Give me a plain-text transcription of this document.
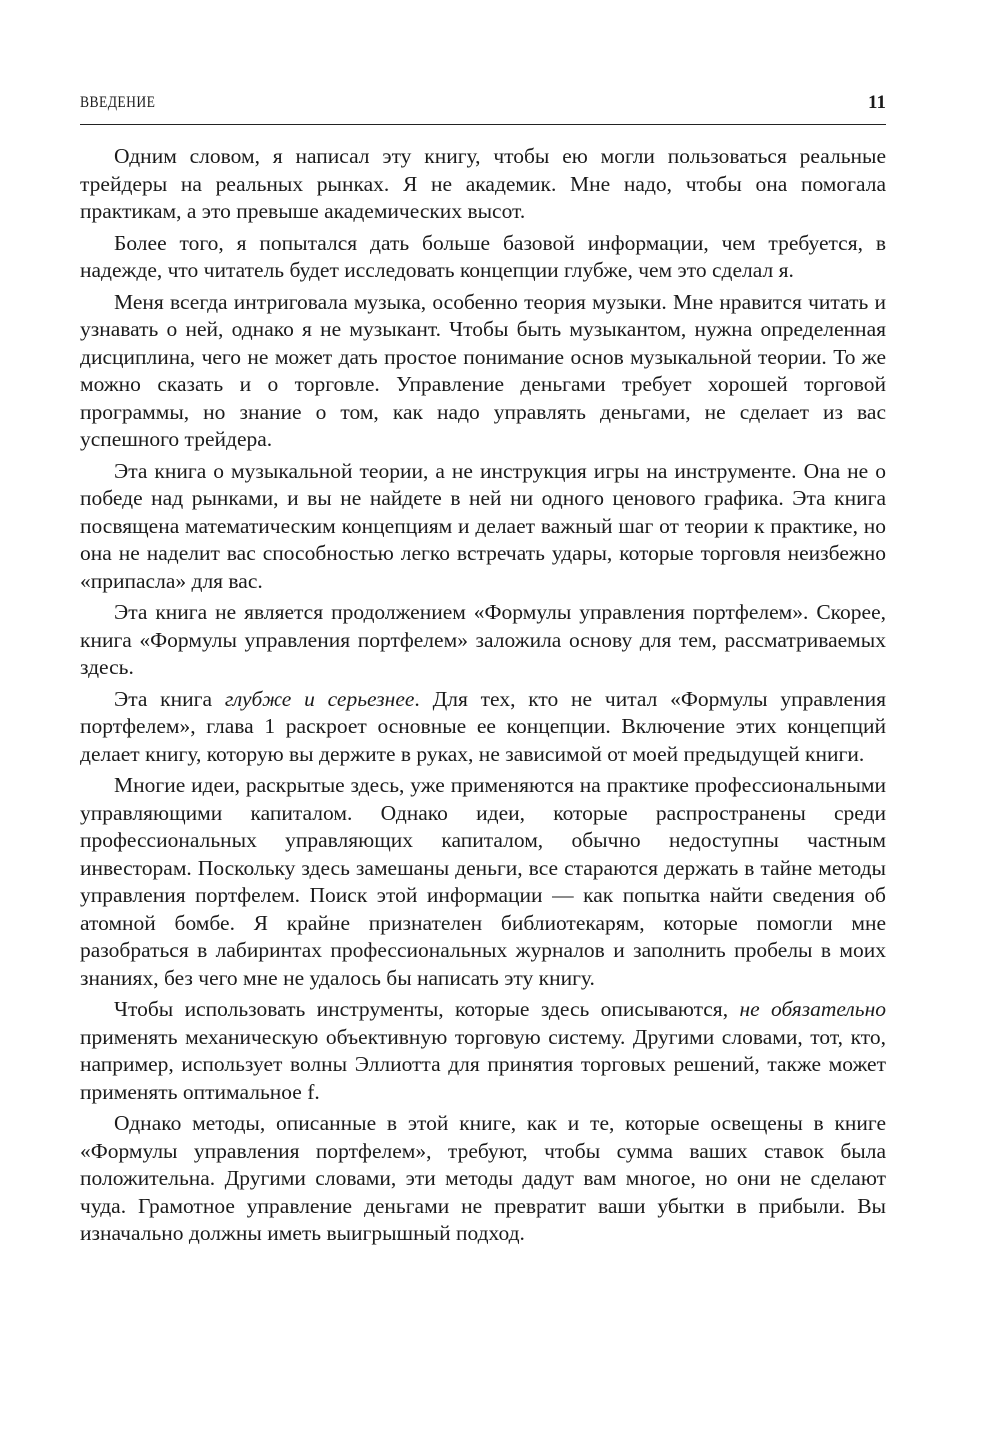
ВВЕДЕНИЕ	11

Одним словом, я написал эту книгу, чтобы ею могли пользоваться реальные трейдеры на реальных рынках. Я не академик. Мне надо, чтобы она помогала практикам, а это превыше академических высот.

Более того, я попытался дать больше базовой информации, чем требуется, в надежде, что читатель будет исследовать концепции глубже, чем это сделал я.

Меня всегда интриговала музыка, особенно теория музыки. Мне нравится читать и узнавать о ней, однако я не музыкант. Чтобы быть музыкантом, нужна определенная дисциплина, чего не может дать простое понимание основ музыкальной теории. То же можно сказать и о торговле. Управление деньгами требует хорошей торговой программы, но знание о том, как надо управлять деньгами, не сделает из вас успешного трейдера.

Эта книга о музыкальной теории, а не инструкция игры на инструменте. Она не о победе над рынками, и вы не найдете в ней ни одного ценового графика. Эта книга посвящена математическим концепциям и делает важный шаг от теории к практике, но она не наделит вас способностью легко встречать удары, которые торговля неизбежно «припасла» для вас.

Эта книга не является продолжением «Формулы управления портфелем». Скорее, книга «Формулы управления портфелем» заложила основу для тем, рассматриваемых здесь.

Эта книга глубже и серьезнее. Для тех, кто не читал «Формулы управления портфелем», глава 1 раскроет основные ее концепции. Включение этих концепций делает книгу, которую вы держите в руках, не зависимой от моей предыдущей книги.

Многие идеи, раскрытые здесь, уже применяются на практике профессиональными управляющими капиталом. Однако идеи, которые распространены среди профессиональных управляющих капиталом, обычно недоступны частным инвесторам. Поскольку здесь замешаны деньги, все стараются держать в тайне методы управления портфелем. Поиск этой информации — как попытка найти сведения об атомной бомбе. Я крайне признателен библиотекарям, которые помогли мне разобраться в лабиринтах профессиональных журналов и заполнить пробелы в моих знаниях, без чего мне не удалось бы написать эту книгу.

Чтобы использовать инструменты, которые здесь описываются, не обязательно применять механическую объективную торговую систему. Другими словами, тот, кто, например, использует волны Эллиотта для принятия торговых решений, также может применять оптимальное f.

Однако методы, описанные в этой книге, как и те, которые освещены в книге «Формулы управления портфелем», требуют, чтобы сумма ваших ставок была положительна. Другими словами, эти методы дадут вам многое, но они не сделают чуда. Грамотное управление деньгами не превратит ваши убытки в прибыли. Вы изначально должны иметь выигрышный подход.
